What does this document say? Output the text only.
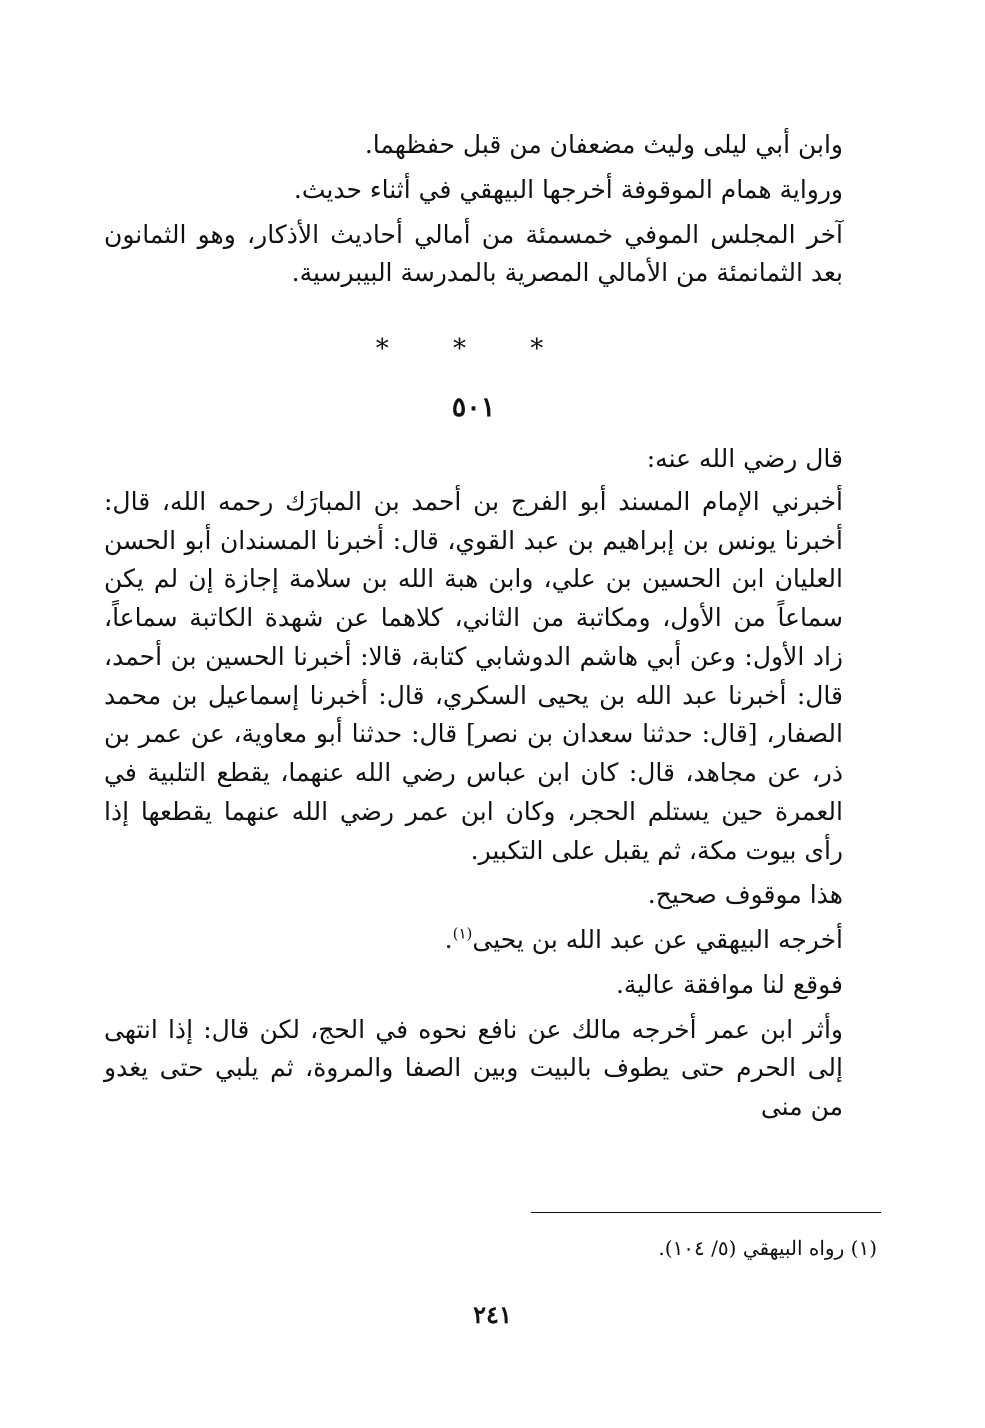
وابن أبي ليلى وليث مضعفان من قبل حفظهما.

ورواية همام الموقوفة أخرجها البيهقي في أثناء حديث.

آخر المجلس الموفي خمسمئة من أمالي أحاديث الأذكار، وهو الثمانون بعد الثمانمئة من الأمالي المصرية بالمدرسة البيبرسية.

* * *
٥٠١

قال رضي الله عنه:

أخبرني الإمام المسند أبو الفرج بن أحمد بن المبارَك رحمه الله، قال: أخبرنا يونس بن إبراهيم بن عبد القوي، قال: أخبرنا المسندان أبو الحسن العليان ابن الحسين بن علي، وابن هبة الله بن سلامة إجازة إن لم يكن سماعاً من الأول، ومكاتبة من الثاني، كلاهما عن شهدة الكاتبة سماعاً، زاد الأول: وعن أبي هاشم الدوشابي كتابة، قالا: أخبرنا الحسين بن أحمد، قال: أخبرنا عبد الله بن يحيى السكري، قال: أخبرنا إسماعيل بن محمد الصفار، [قال: حدثنا سعدان بن نصر] قال: حدثنا أبو معاوية، عن عمر بن ذر، عن مجاهد، قال: كان ابن عباس رضي الله عنهما، يقطع التلبية في العمرة حين يستلم الحجر، وكان ابن عمر رضي الله عنهما يقطعها إذا رأى بيوت مكة، ثم يقبل على التكبير.

هذا موقوف صحيح.

أخرجه البيهقي عن عبد الله بن يحيى$^{(١)}$.

فوقع لنا موافقة عالية.

وأثر ابن عمر أخرجه مالك عن نافع نحوه في الحج، لكن قال: إذا انتهى إلى الحرم حتى يطوف بالبيت وبين الصفا والمروة، ثم يلبي حتى يغدو من منى

(١) رواه البيهقي (٥/ ١٠٤).
٢٤١
